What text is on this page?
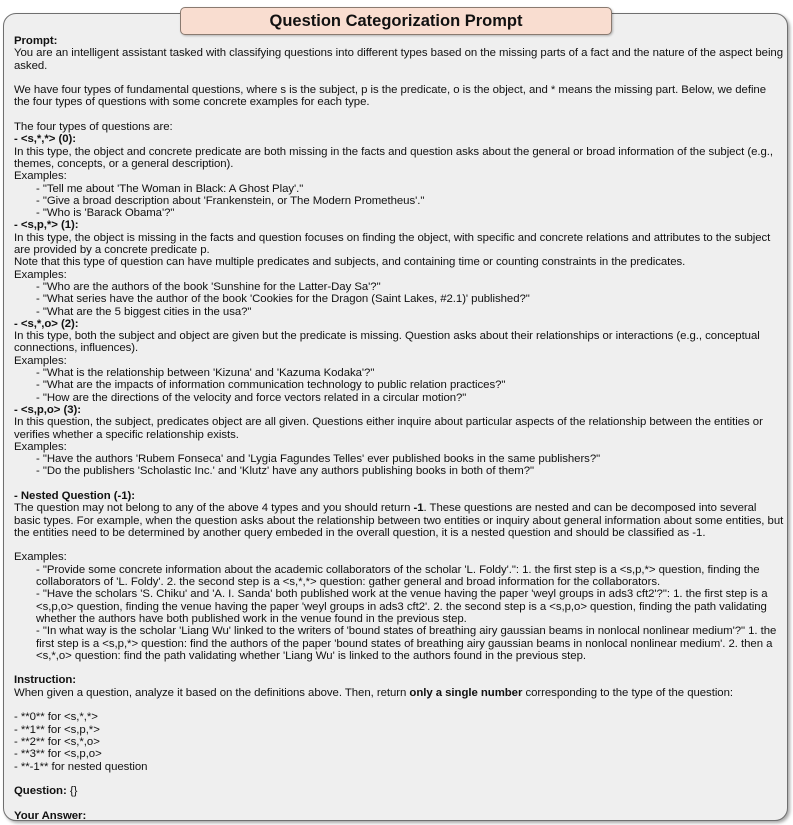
Question Categorization Prompt

Prompt:

You are an intelligent assistant tasked with classifying questions into different types based on the missing parts of a fact and the nature of the aspect being asked.

We have four types of fundamental questions, where s is the subject, p is the predicate, o is the object, and * means the missing part. Below, we define the four types of questions with some concrete examples for each type.

The four types of questions are:

- <s,*,*> (0):

In this type, the object and concrete predicate are both missing in the facts and question asks about the general or broad information of the subject (e.g., themes, concepts, or a general description).

Examples:

- "Tell me about 'The Woman in Black: A Ghost Play'."

- "Give a broad description about 'Frankenstein, or The Modern Prometheus'."

- "Who is 'Barack Obama'?"

- <s,p,*> (1):

In this type, the object is missing in the facts and question focuses on finding the object, with specific and concrete relations and attributes to the subject are provided by a concrete predicate p.

Note that this type of question can have multiple predicates and subjects, and containing time or counting constraints in the predicates.

Examples:

- "Who are the authors of the book 'Sunshine for the Latter-Day Sa'?"

- "What series have the author of the book 'Cookies for the Dragon (Saint Lakes, #2.1)' published?"

- "What are the 5 biggest cities in the usa?"

- <s,*,o> (2):

In this type, both the subject and object are given but the predicate is missing. Question asks about their relationships or interactions (e.g., conceptual connections, influences).

Examples:

- "What is the relationship between 'Kizuna' and 'Kazuma Kodaka'?"

- "What are the impacts of information communication technology to public relation practices?"

- "How are the directions of the velocity and force vectors related in a circular motion?"

- <s,p,o> (3):

In this question, the subject, predicates object are all given. Questions either inquire about particular aspects of the relationship between the entities or verifies whether a specific relationship exists.

Examples:

- "Have the authors 'Rubem Fonseca' and 'Lygia Fagundes Telles' ever published books in the same publishers?"

- "Do the publishers 'Scholastic Inc.' and 'Klutz' have any authors publishing books in both of them?"

- Nested Question (-1):

The question may not belong to any of the above 4 types and you should return -1. These questions are nested and can be decomposed into several basic types. For example, when the question asks about the relationship between two entities or inquiry about general information about some entities, but the entities need to be determined by another query embeded in the overall question, it is a nested question and should be classified as -1.

Examples:

- "Provide some concrete information about the academic collaborators of the scholar 'L. Foldy'.": 1. the first step is a <s,p,*> question, finding the collaborators of 'L. Foldy'. 2. the second step is a <s,*,*> question: gather general and broad information for the collaborators.

- "Have the scholars 'S. Chiku' and 'A. I. Sanda' both published work at the venue having the paper 'weyl groups in ads3 cft2'?": 1. the first step is a <s,p,o> question, finding the venue having the paper 'weyl groups in ads3 cft2'. 2. the second step is a <s,p,o> question, finding the path validating whether the authors have both published work in the venue found in the previous step.

- "In what way is the scholar 'Liang Wu' linked to the writers of 'bound states of breathing airy gaussian beams in nonlocal nonlinear medium'?" 1. the first step is a <s,p,*> question: find the authors of the paper 'bound states of breathing airy gaussian beams in nonlocal nonlinear medium'. 2. then a <s,*,o> question: find the path validating whether 'Liang Wu' is linked to the authors found in the previous step.

Instruction:

When given a question, analyze it based on the definitions above. Then, return only a single number corresponding to the type of the question:

- **0** for <s,*,*>

- **1** for <s,p,*>

- **2** for <s,*,o>

- **3** for <s,p,o>

- **-1** for nested question

Question: {}

Your Answer:
